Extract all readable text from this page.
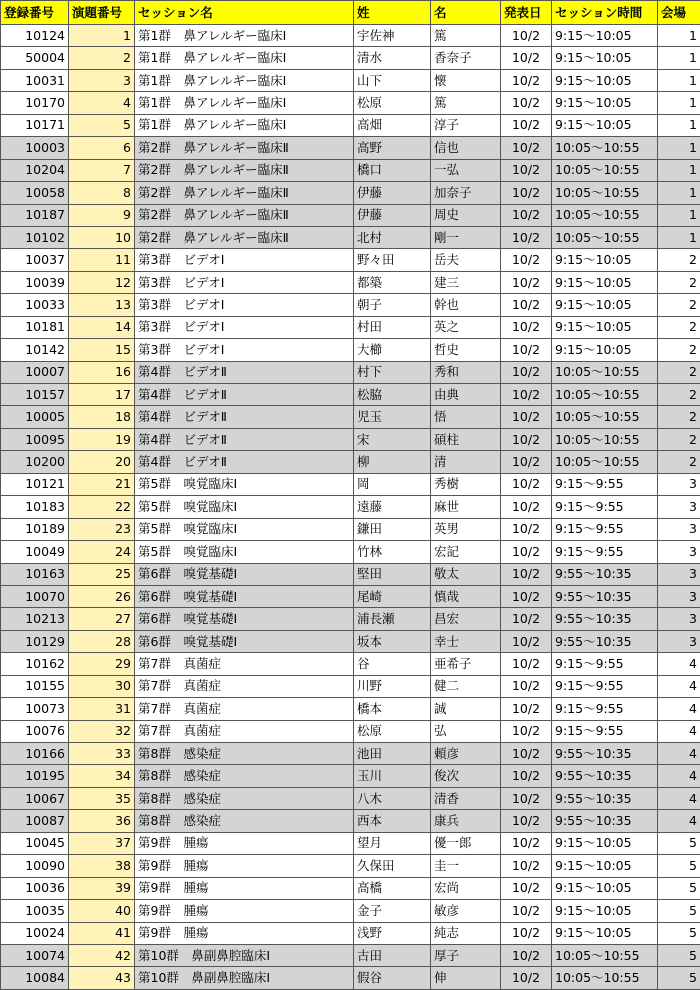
登録番号	演題番号	セッション名	姓	名	発表日	セッション時間	会場
10124	1	第1群　鼻アレルギー臨床Ⅰ	宇佐神	篤	10/2	9:15～10:05	1
50004	2	第1群　鼻アレルギー臨床Ⅰ	清水	香奈子	10/2	9:15～10:05	1
10031	3	第1群　鼻アレルギー臨床Ⅰ	山下	懐	10/2	9:15～10:05	1
10170	4	第1群　鼻アレルギー臨床Ⅰ	松原	篤	10/2	9:15～10:05	1
10171	5	第1群　鼻アレルギー臨床Ⅰ	高畑	淳子	10/2	9:15～10:05	1
10003	6	第2群　鼻アレルギー臨床Ⅱ	高野	信也	10/2	10:05～10:55	1
10204	7	第2群　鼻アレルギー臨床Ⅱ	橋口	一弘	10/2	10:05～10:55	1
10058	8	第2群　鼻アレルギー臨床Ⅱ	伊藤	加奈子	10/2	10:05～10:55	1
10187	9	第2群　鼻アレルギー臨床Ⅱ	伊藤	周史	10/2	10:05～10:55	1
10102	10	第2群　鼻アレルギー臨床Ⅱ	北村	剛一	10/2	10:05～10:55	1
10037	11	第3群　ビデオⅠ	野々田	岳夫	10/2	9:15～10:05	2
10039	12	第3群　ビデオⅠ	都築	建三	10/2	9:15～10:05	2
10033	13	第3群　ビデオⅠ	朝子	幹也	10/2	9:15～10:05	2
10181	14	第3群　ビデオⅠ	村田	英之	10/2	9:15～10:05	2
10142	15	第3群　ビデオⅠ	大櫛	哲史	10/2	9:15～10:05	2
10007	16	第4群　ビデオⅡ	村下	秀和	10/2	10:05～10:55	2
10157	17	第4群　ビデオⅡ	松脇	由典	10/2	10:05～10:55	2
10005	18	第4群　ビデオⅡ	児玉	悟	10/2	10:05～10:55	2
10095	19	第4群　ビデオⅡ	宋	碩柱	10/2	10:05～10:55	2
10200	20	第4群　ビデオⅡ	柳	清	10/2	10:05～10:55	2
10121	21	第5群　嗅覚臨床Ⅰ	岡	秀樹	10/2	9:15～9:55	3
10183	22	第5群　嗅覚臨床Ⅰ	遠藤	麻世	10/2	9:15～9:55	3
10189	23	第5群　嗅覚臨床Ⅰ	鎌田	英男	10/2	9:15～9:55	3
10049	24	第5群　嗅覚臨床Ⅰ	竹林	宏記	10/2	9:15～9:55	3
10163	25	第6群　嗅覚基礎Ⅰ	堅田	敬太	10/2	9:55～10:35	3
10070	26	第6群　嗅覚基礎Ⅰ	尾崎	慎哉	10/2	9:55～10:35	3
10213	27	第6群　嗅覚基礎Ⅰ	浦長瀬	昌宏	10/2	9:55～10:35	3
10129	28	第6群　嗅覚基礎Ⅰ	坂本	幸士	10/2	9:55～10:35	3
10162	29	第7群　真菌症	谷	亜希子	10/2	9:15～9:55	4
10155	30	第7群　真菌症	川野	健二	10/2	9:15～9:55	4
10073	31	第7群　真菌症	橋本	誠	10/2	9:15～9:55	4
10076	32	第7群　真菌症	松原	弘	10/2	9:15～9:55	4
10166	33	第8群　感染症	池田	頼彦	10/2	9:55～10:35	4
10195	34	第8群　感染症	玉川	俊次	10/2	9:55～10:35	4
10067	35	第8群　感染症	八木	清香	10/2	9:55～10:35	4
10087	36	第8群　感染症	西本	康兵	10/2	9:55～10:35	4
10045	37	第9群　腫瘍	望月	優一郎	10/2	9:15～10:05	5
10090	38	第9群　腫瘍	久保田	圭一	10/2	9:15～10:05	5
10036	39	第9群　腫瘍	高橋	宏尚	10/2	9:15～10:05	5
10035	40	第9群　腫瘍	金子	敏彦	10/2	9:15～10:05	5
10024	41	第9群　腫瘍	浅野	純志	10/2	9:15～10:05	5
10074	42	第10群　鼻副鼻腔臨床Ⅰ	古田	厚子	10/2	10:05～10:55	5
10084	43	第10群　鼻副鼻腔臨床Ⅰ	假谷	伸	10/2	10:05～10:55	5
